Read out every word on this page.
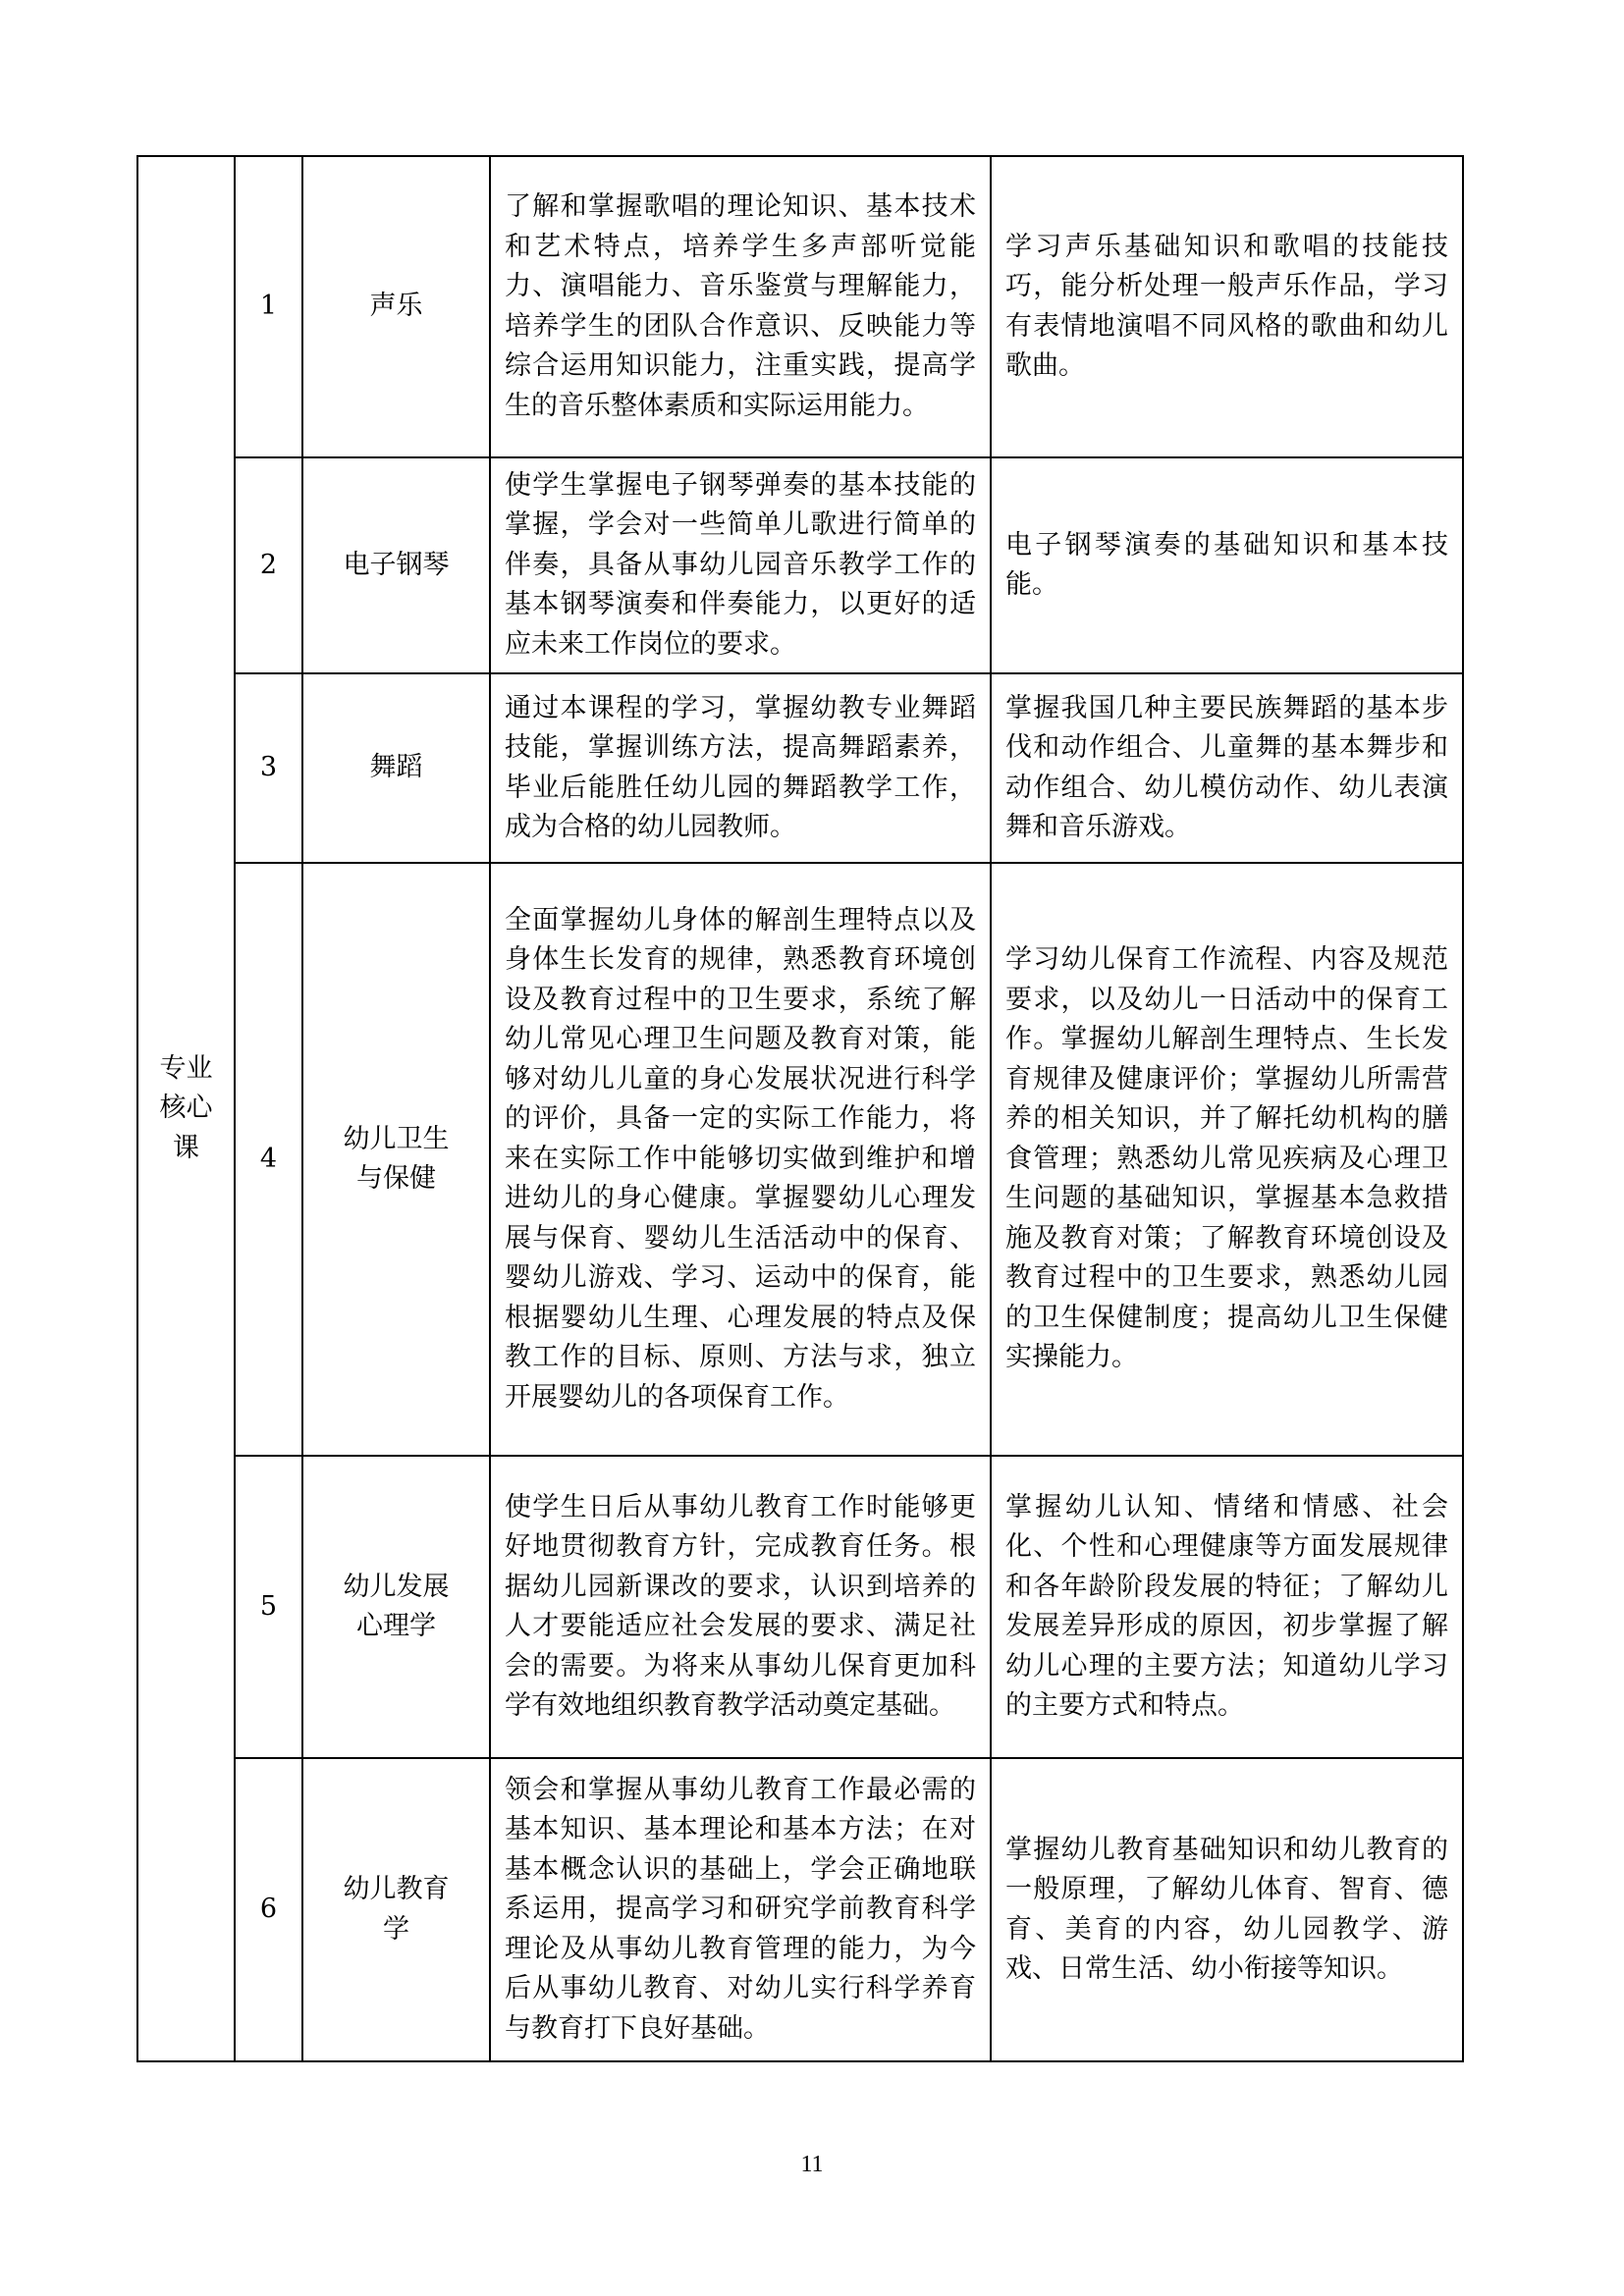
专业核心课	1	声乐	了解和掌握歌唱的理论知识、基本技术和艺术特点，培养学生多声部听觉能力、演唱能力、音乐鉴赏与理解能力，培养学生的团队合作意识、反映能力等综合运用知识能力，注重实践，提高学生的音乐整体素质和实际运用能力。	学习声乐基础知识和歌唱的技能技巧，能分析处理一般声乐作品，学习有表情地演唱不同风格的歌曲和幼儿歌曲。
	2	电子钢琴	使学生掌握电子钢琴弹奏的基本技能的掌握，学会对一些简单儿歌进行简单的伴奏，具备从事幼儿园音乐教学工作的基本钢琴演奏和伴奏能力，以更好的适应未来工作岗位的要求。	电子钢琴演奏的基础知识和基本技能。
	3	舞蹈	通过本课程的学习，掌握幼教专业舞蹈技能，掌握训练方法，提高舞蹈素养，毕业后能胜任幼儿园的舞蹈教学工作，成为合格的幼儿园教师。	掌握我国几种主要民族舞蹈的基本步伐和动作组合、儿童舞的基本舞步和动作组合、幼儿模仿动作、幼儿表演舞和音乐游戏。
	4	幼儿卫生与保健	全面掌握幼儿身体的解剖生理特点以及身体生长发育的规律，熟悉教育环境创设及教育过程中的卫生要求，系统了解幼儿常见心理卫生问题及教育对策，能够对幼儿儿童的身心发展状况进行科学的评价，具备一定的实际工作能力，将来在实际工作中能够切实做到维护和增进幼儿的身心健康。掌握婴幼儿心理发展与保育、婴幼儿生活活动中的保育、婴幼儿游戏、学习、运动中的保育，能根据婴幼儿生理、心理发展的特点及保教工作的目标、原则、方法与求，独立开展婴幼儿的各项保育工作。	学习幼儿保育工作流程、内容及规范要求，以及幼儿一日活动中的保育工作。掌握幼儿解剖生理特点、生长发育规律及健康评价；掌握幼儿所需营养的相关知识，并了解托幼机构的膳食管理；熟悉幼儿常见疾病及心理卫生问题的基础知识，掌握基本急救措施及教育对策；了解教育环境创设及教育过程中的卫生要求，熟悉幼儿园的卫生保健制度；提高幼儿卫生保健实操能力。
	5	幼儿发展心理学	使学生日后从事幼儿教育工作时能够更好地贯彻教育方针，完成教育任务。根据幼儿园新课改的要求，认识到培养的人才要能适应社会发展的要求、满足社会的需要。为将来从事幼儿保育更加科学有效地组织教育教学活动奠定基础。	掌握幼儿认知、情绪和情感、社会化、个性和心理健康等方面发展规律和各年龄阶段发展的特征；了解幼儿发展差异形成的原因，初步掌握了解幼儿心理的主要方法；知道幼儿学习的主要方式和特点。
	6	幼儿教育学	领会和掌握从事幼儿教育工作最必需的基本知识、基本理论和基本方法；在对基本概念认识的基础上，学会正确地联系运用，提高学习和研究学前教育科学理论及从事幼儿教育管理的能力，为今后从事幼儿教育、对幼儿实行科学养育与教育打下良好基础。	掌握幼儿教育基础知识和幼儿教育的一般原理，了解幼儿体育、智育、德育、美育的内容，幼儿园教学、游戏、日常生活、幼小衔接等知识。
11
